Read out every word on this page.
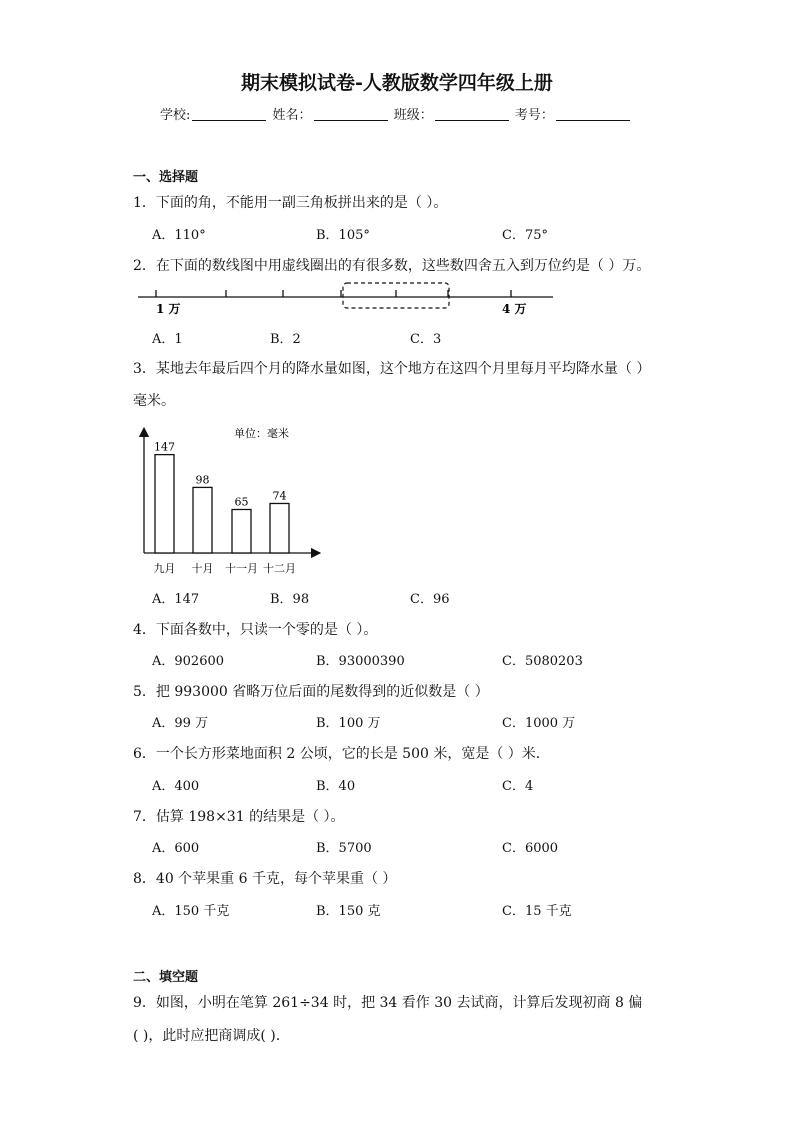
期末模拟试卷-人教版数学四年级上册
学校:	姓名：	班级：	考号：
一、选择题
1．下面的角，不能用一副三角板拼出来的是（ ）。
A．110°	B．105°	C．75°
2．在下面的数线图中用虚线圈出的有很多数，这些数四舍五入到万位约是（ ）万。
1 万	4 万
A．1	B．2	C．3
3．某地去年最后四个月的降水量如图，这个地方在这四个月里每月平均降水量（ ）
毫米。
单位：毫米
147
九月
98
十月
65
十一月
74
十二月
A．147	B．98	C．96
4．下面各数中，只读一个零的是（ ）。
A．902600	B．93000390	C．5080203
5．把 993000 省略万位后面的尾数得到的近似数是（ ）
A．99 万	B．100 万	C．1000 万
6．一个长方形菜地面积 2 公顷，它的长是 500 米，宽是（ ）米．
A．400	B．40	C．4
7．估算 198×31 的结果是（ ）。
A．600	B．5700	C．6000
8．40 个苹果重 6 千克，每个苹果重（ ）
A．150 千克	B．150 克	C．15 千克
二、填空题
9．如图，小明在笔算 261÷34 时，把 34 看作 30 去试商，计算后发现初商 8 偏
( )，此时应把商调成( ).
